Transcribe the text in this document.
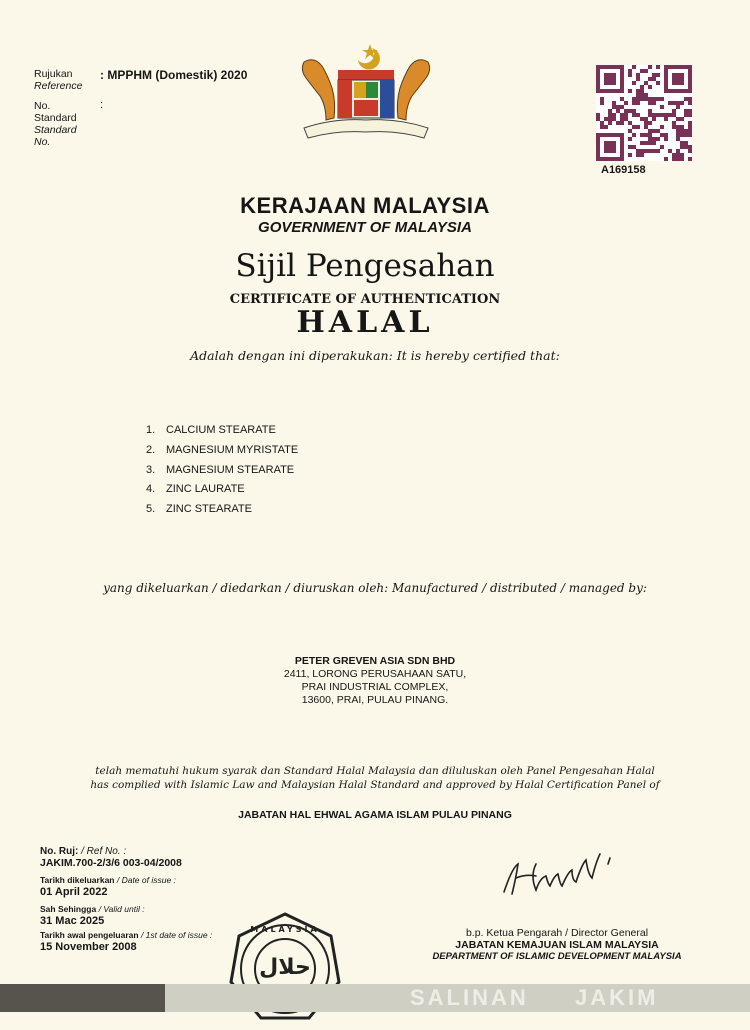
Rujukan
Reference
: MPPHM (Domestik) 2020
No.
Standard
Standard
No.
:
A169158
KERAJAAN MALAYSIA
GOVERNMENT OF MALAYSIA
Sijil Pengesahan
CERTIFICATE OF AUTHENTICATION
HALAL
Adalah dengan ini diperakukan: It is hereby certified that:
1. CALCIUM STEARATE
2. MAGNESIUM MYRISTATE
3. MAGNESIUM STEARATE
4. ZINC LAURATE
5. ZINC STEARATE
yang dikeluarkan / diedarkan / diuruskan oleh: Manufactured / distributed / managed by:
PETER GREVEN ASIA SDN BHD
2411, LORONG PERUSAHAAN SATU,
PRAI INDUSTRIAL COMPLEX,
13600, PRAI, PULAU PINANG.
telah mematuhi hukum syarak dan Standard Halal Malaysia dan diluluskan oleh Panel Pengesahan Halal
has complied with Islamic Law and Malaysian Halal Standard and approved by Halal Certification Panel of
JABATAN HAL EHWAL AGAMA ISLAM PULAU PINANG
No. Ruj: / Ref No. :
JAKIM.700-2/3/6 003-04/2008
Tarikh dikeluarkan / Date of issue :
01 April 2022
Sah Sehingga / Valid until :
31 Mac 2025
Tarikh awal pengeluaran / 1st date of issue :
15 November 2008
MALAYSIA
حلال
b.p. Ketua Pengarah / Director General
JABATAN KEMAJUAN ISLAM MALAYSIA
DEPARTMENT OF ISLAMIC DEVELOPMENT MALAYSIA
SALINAN JAKIM
